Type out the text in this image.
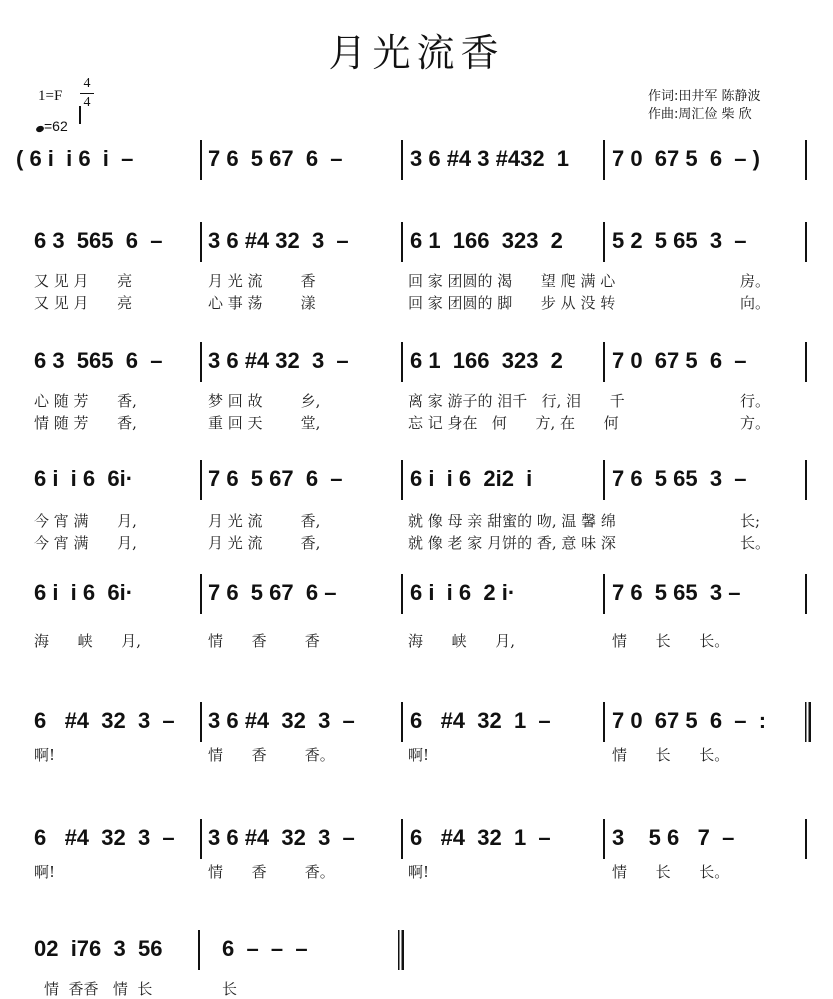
月光流香
1=F
4
4
=62
作词:田井军 陈静波
作曲:周汇俭 柴 欣
( 6 i  i 6  i  –	7 6  5 67  6  –	3 6 #4 3 #432  1 7 0  67 5  6  – )
6 3  565  6  – 3 6 #4 32  3  –	6 1  166  323  2 5 2  5 65  3  –
又 见 月      亮	月 光 流        香	回 家 团圆的 渴      望 爬 满 心	房。
又 见 月      亮	心 事 荡        漾	回 家 团圆的 脚      步 从 没 转	向。
6 3  565  6  – 3 6 #4 32  3  –	6 1  166  323  2 7 0  67 5  6  –
心 随 芳      香,	梦 回 故        乡,	离 家 游子的 泪千   行, 泪      千	行。
情 随 芳      香,	重 回 天        堂,	忘 记 身在   何      方, 在      何	方。
6 i  i 6  6i·	7 6  5 67  6  –	6 i  i 6  2i2  i	7 6  5 65  3  –
今 宵 满      月,	月 光 流        香,	就 像 母 亲 甜蜜的 吻, 温 馨 绵	长;
今 宵 满      月,	月 光 流        香,	就 像 老 家 月饼的 香, 意 味 深	长。
6 i  i 6  6i·	7 6  5 67  6 –	6 i  i 6  2 i·	7 6  5 65  3 –
海      峡      月,	情      香        香	海      峡      月,	情      长      长。
6   #4  32  3  – 3 6 #4  32  3  –	6   #4  32  1  –	7 0  67 5  6  –  :
啊!	情      香        香。	啊!	情      长      长。
6   #4  32  3  – 3 6 #4  32  3  –	6   #4  32  1  –	3    5 6   7  –
啊!	情      香        香。	啊!	情      长      长。
02  i76  3  56	6  –  –  –
情  香香   情  长	长
